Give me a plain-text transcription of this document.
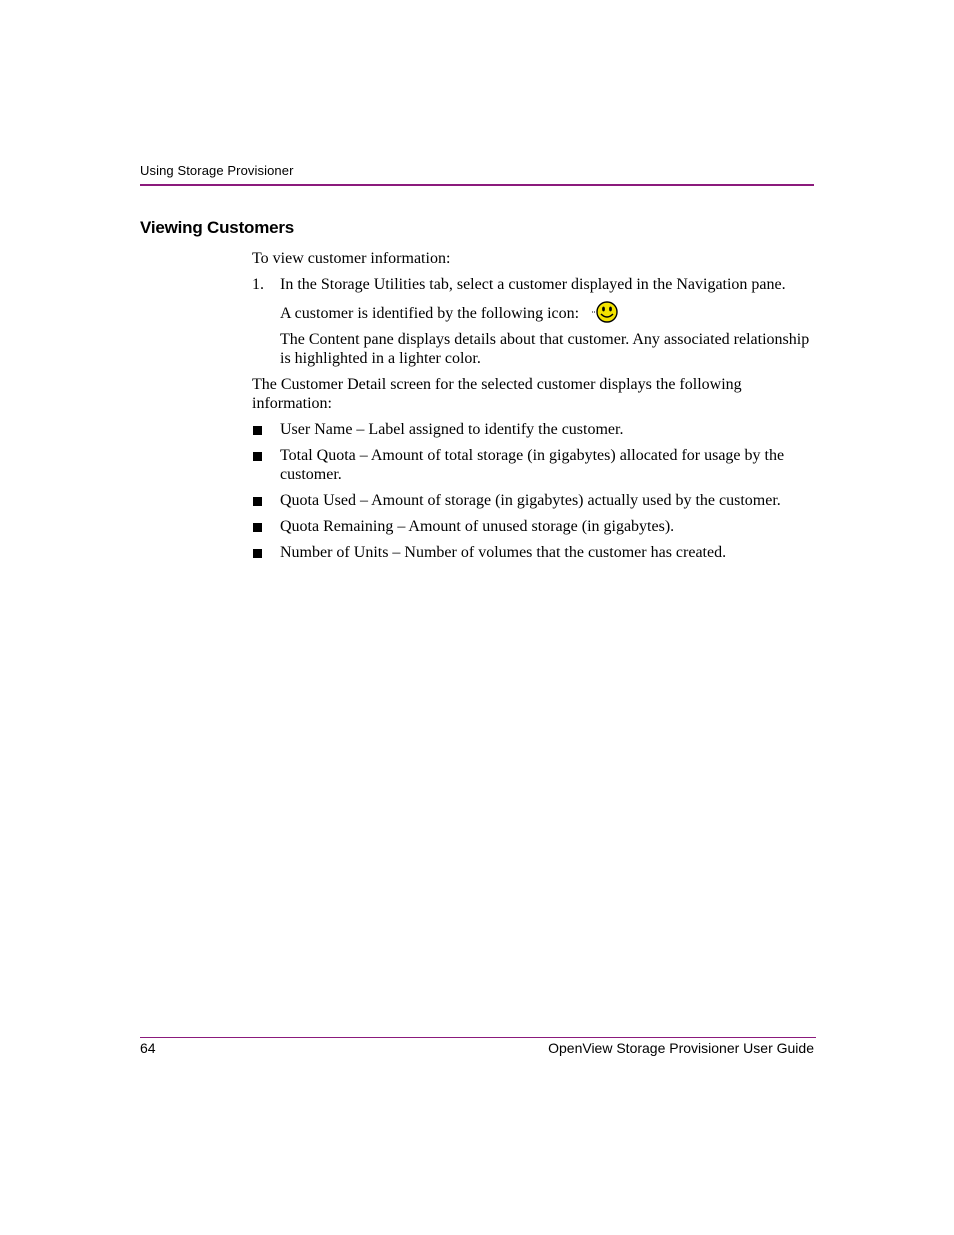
Using Storage Provisioner
Viewing Customers

To view customer information:

1. In the Storage Utilities tab, select a customer displayed in the Navigation pane.

A customer is identified by the following icon:

The Content pane displays details about that customer. Any associated relationship is highlighted in a lighter color.

The Customer Detail screen for the selected customer displays the following information:

User Name – Label assigned to identify the customer.
Total Quota – Amount of total storage (in gigabytes) allocated for usage by the customer.
Quota Used – Amount of storage (in gigabytes) actually used by the customer.
Quota Remaining – Amount of unused storage (in gigabytes).
Number of Units – Number of volumes that the customer has created.
64	OpenView Storage Provisioner User Guide
